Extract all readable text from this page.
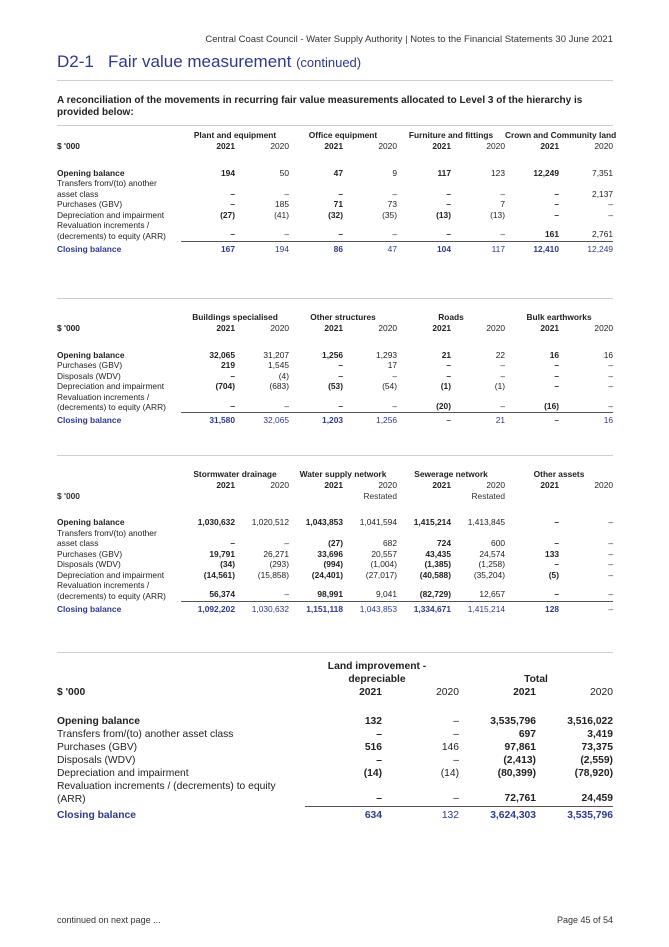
Central Coast Council - Water Supply Authority | Notes to the Financial Statements 30 June 2021
D2-1 Fair value measurement (continued)
A reconciliation of the movements in recurring fair value measurements allocated to Level 3 of the hierarchy is provided below:
	Plant and equipment		Office equipment		Furniture and fittings		Crown and Community land	
$ '000	2021	2020	2021	2020	2021	2020	2021	2020
Opening balance	194	50	47	9	117	123	12,249	7,351
Transfers from/(to) another asset class	–	–	–	–	–	–	–	2,137
Purchases (GBV)	–	185	71	73	–	7	–	–
Depreciation and impairment	(27)	(41)	(32)	(35)	(13)	(13)	–	–
Revaluation increments / (decrements) to equity (ARR)	–	–	–	–	–	–	161	2,761
Closing balance	167	194	86	47	104	117	12,410	12,249
	Buildings specialised		Other structures		Roads		Bulk earthworks	
$ '000	2021	2020	2021	2020	2021	2020	2021	2020
Opening balance	32,065	31,207	1,256	1,293	21	22	16	16
Purchases (GBV)	219	1,545	–	17	–	–	–	–
Disposals (WDV)	–	(4)	–	–	–	–	–	–
Depreciation and impairment	(704)	(683)	(53)	(54)	(1)	(1)	–	–
Revaluation increments / (decrements) to equity (ARR)	–	–	–	–	(20)	–	(16)	–
Closing balance	31,580	32,065	1,203	1,256	–	21	–	16
	Stormwater drainage		Water supply network		Sewerage network		Other assets	
	2021	2020	2021	2020	2021	2020	2021	2020
$ '000				Restated		Restated		
Opening balance	1,030,632	1,020,512	1,043,853	1,041,594	1,415,214	1,413,845	–	–
Transfers from/(to) another asset class	–	–	(27)	682	724	600	–	–
Purchases (GBV)	19,791	26,271	33,696	20,557	43,435	24,574	133	–
Disposals (WDV)	(34)	(293)	(994)	(1,004)	(1,385)	(1,258)	–	–
Depreciation and impairment	(14,561)	(15,858)	(24,401)	(27,017)	(40,588)	(35,204)	(5)	–
Revaluation increments / (decrements) to equity (ARR)	56,374	–	98,991	9,041	(82,729)	12,657	–	–
Closing balance	1,092,202	1,030,632	1,151,118	1,043,853	1,334,671	1,415,214	128	–
	Land improvement - depreciable		Total	
$ '000	2021	2020	2021	2020
Opening balance	132	–	3,535,796	3,516,022
Transfers from/(to) another asset class	–	–	697	3,419
Purchases (GBV)	516	146	97,861	73,375
Disposals (WDV)	–	–	(2,413)	(2,559)
Depreciation and impairment	(14)	(14)	(80,399)	(78,920)
Revaluation increments / (decrements) to equity (ARR)	–	–	72,761	24,459
Closing balance	634	132	3,624,303	3,535,796
continued on next page ...	Page 45 of 54
